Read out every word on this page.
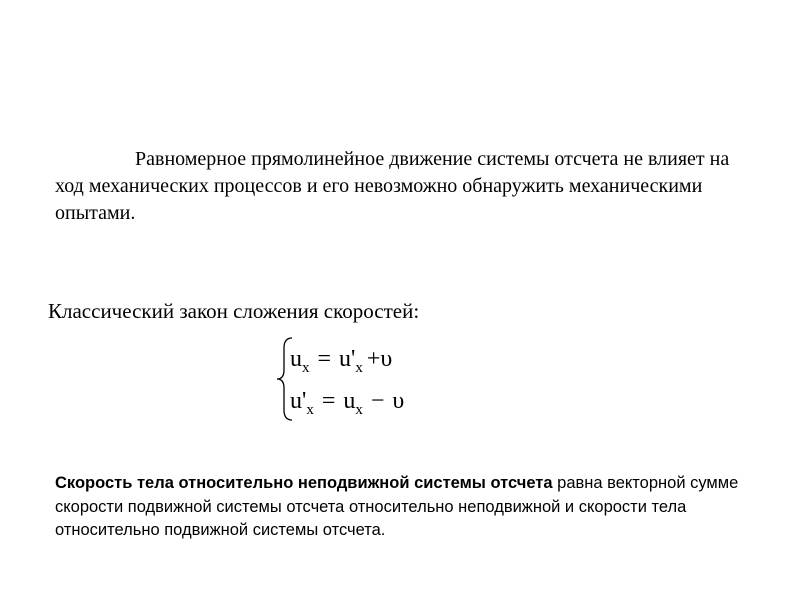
Равномерное прямолинейное движение системы отсчета не влияет на ход механических процессов и его невозможно обнаружить механическими опытами.
Классический закон сложения скоростей:
$u_x = u'_x +\upsilon$
$u'_x = u_x - \upsilon$
Скорость тела относительно неподвижной системы отсчета равна векторной сумме скорости подвижной системы отсчета относительно неподвижной и скорости тела относительно подвижной системы отсчета.
